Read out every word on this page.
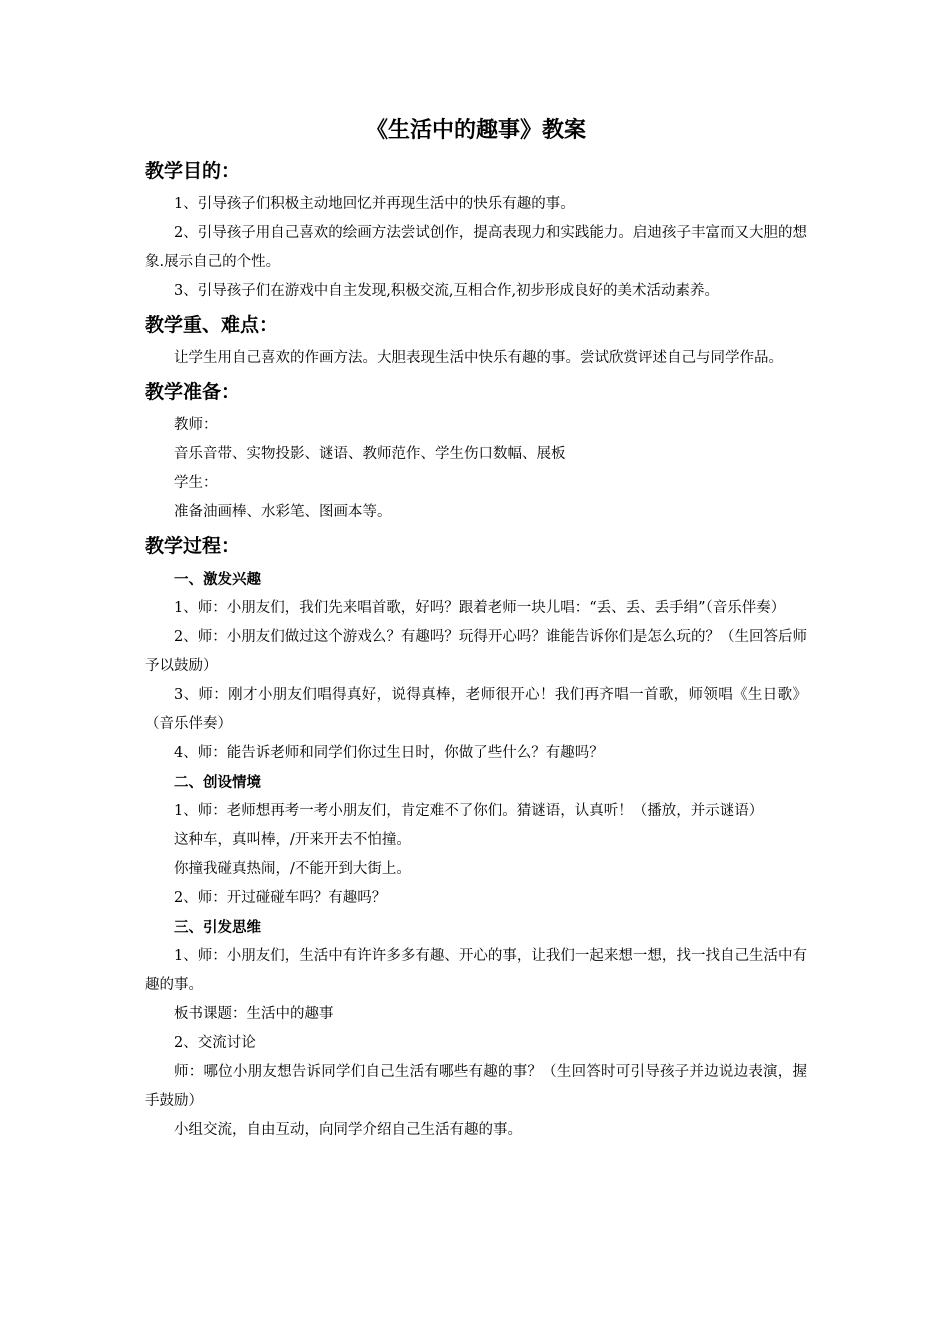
《生活中的趣事》教案
教学目的：

1、引导孩子们积极主动地回忆并再现生活中的快乐有趣的事。

2、引导孩子用自己喜欢的绘画方法尝试创作，提高表现力和实践能力。启迪孩子丰富而又大胆的想象.展示自己的个性。

3、引导孩子们在游戏中自主发现,积极交流,互相合作,初步形成良好的美术活动素养。

教学重、难点：

让学生用自己喜欢的作画方法。大胆表现生活中快乐有趣的事。尝试欣赏评述自己与同学作品。

教学准备：

教师：

音乐音带、实物投影、谜语、教师范作、学生伤口数幅、展板

学生：

准备油画棒、水彩笔、图画本等。

教学过程：

一、激发兴趣

1、师：小朋友们，我们先来唱首歌，好吗？跟着老师一块儿唱：“丢、丢、丢手绢”（音乐伴奏）

2、师：小朋友们做过这个游戏么？有趣吗？玩得开心吗？谁能告诉你们是怎么玩的？（生回答后师予以鼓励）

3、师：刚才小朋友们唱得真好，说得真棒，老师很开心！我们再齐唱一首歌，师领唱《生日歌》（音乐伴奏）

4、师：能告诉老师和同学们你过生日时，你做了些什么？有趣吗？

二、创设情境

1、师：老师想再考一考小朋友们，肯定难不了你们。猜谜语，认真听！（播放，并示谜语）

这种车，真叫棒，/开来开去不怕撞。

你撞我碰真热闹，/不能开到大街上。

2、师：开过碰碰车吗？有趣吗？

三、引发思维

1、师：小朋友们，生活中有许许多多有趣、开心的事，让我们一起来想一想，找一找自己生活中有趣的事。

板书课题：生活中的趣事

2、交流讨论

师：哪位小朋友想告诉同学们自己生活有哪些有趣的事？（生回答时可引导孩子并边说边表演，握手鼓励）

小组交流，自由互动，向同学介绍自己生活有趣的事。
